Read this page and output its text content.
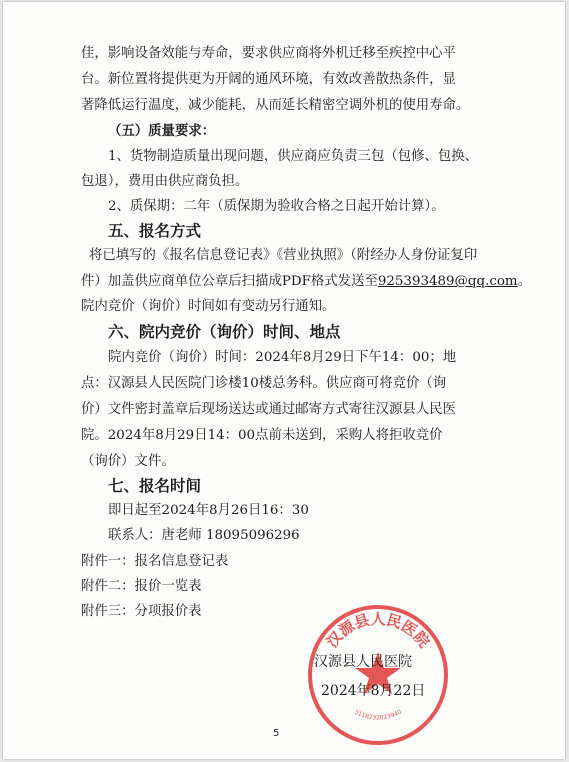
佳，影响设备效能与寿命，要求供应商将外机迁移至疾控中心平
台。新位置将提供更为开阔的通风环境，有效改善散热条件，显
著降低运行温度，减少能耗，从而延长精密空调外机的使用寿命。
（五）质量要求：
1、货物制造质量出现问题，供应商应负责三包（包修、包换、
包退），费用由供应商负担。
2、质保期：二年（质保期为验收合格之日起开始计算）。
五、报名方式
将已填写的《报名信息登记表》《营业执照》（附经办人身份证复印
件）加盖供应商单位公章后扫描成PDF格式发送至925393489@qq.com。
院内竞价（询价）时间如有变动另行通知。
六、院内竞价（询价）时间、地点
院内竞价（询价）时间：2024年8月29日下午14：00；地
点：汉源县人民医院门诊楼10楼总务科。供应商可将竞价（询
价）文件密封盖章后现场送达或通过邮寄方式寄往汉源县人民医
院。2024年8月29日14：00点前未送到，采购人将拒收竞价
（询价）文件。
七、报名时间
即日起至2024年8月26日16：30
联系人：唐老师 18095096296
附件一：报名信息登记表
附件二：报价一览表
附件三：分项报价表
汉源县人民医院
5118232023940
汉源县人民医院
2024年8月22日
5
